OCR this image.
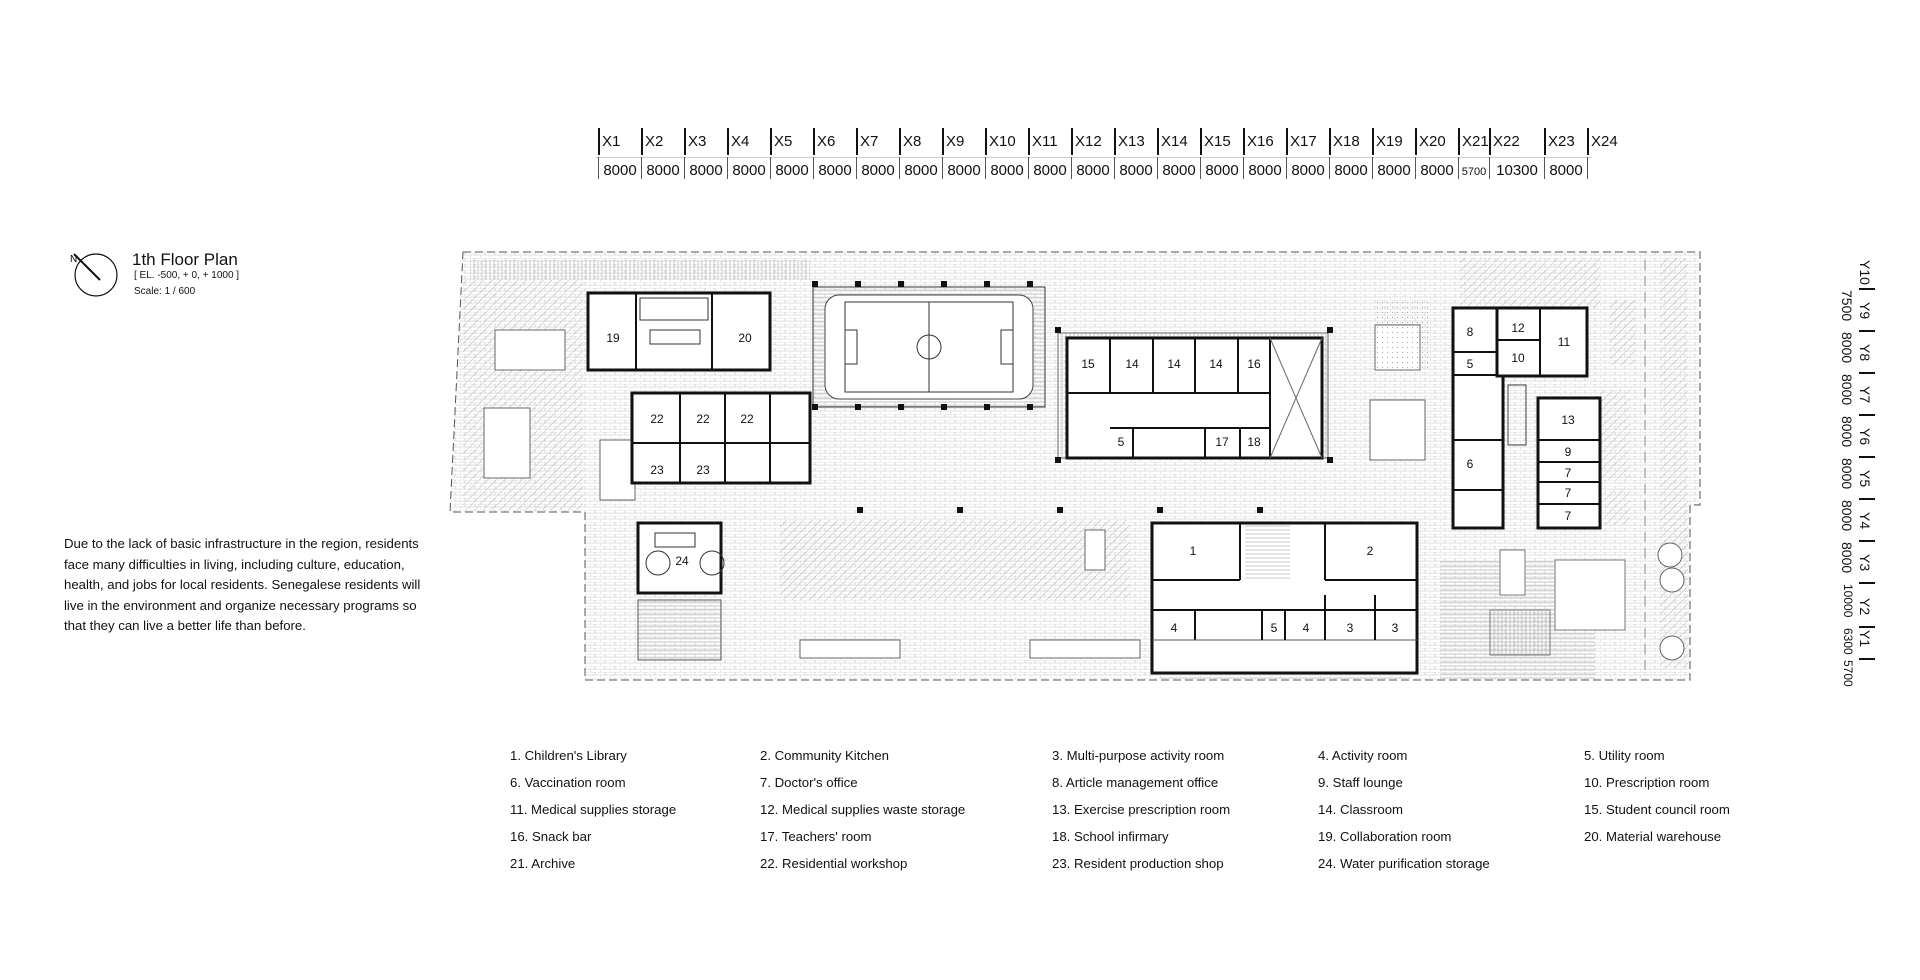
X1 X2 X3 X4 X5 X6 X7 X8 X9 X10 X11 X12 X13 X14 X15 X16 X17 X18 X19 X20 X21 X22 X23 X24
8000 8000 8000 8000 8000 8000 8000 8000 8000 8000 8000 8000 8000 8000 8000 8000 8000 8000 8000 8000 5700 10300 8000
Y10
Y9
Y8
Y7
Y6
Y5
Y4
Y3
Y2
Y1
7500
8000
8000
8000
8000
8000
8000
10000
6300
5700
N	1th Floor Plan
[ EL. -500, + 0, + 1000 ]
Scale: 1 / 600
Due to the lack of basic infrastructure in the region, residents face many difficulties in living, including culture, education, health, and jobs for local residents. Senegalese residents will live in the environment and organize necessary programs so that they can live a better life than before.
1	2
3	3
4	4
5
5
5
6
7
7
7
8
9
10
11
12
13
14 14 14
15	16
17 18
19	20
22	22	22
23	23
24
1. Children's Library	2. Community Kitchen	3. Multi-purpose activity room	4. Activity room	5. Utility room
6. Vaccination room	7. Doctor's office	8. Article management office	9. Staff lounge	10. Prescription room
11. Medical supplies storage	12. Medical supplies waste storage	13. Exercise prescription room	14. Classroom	15. Student council room
16. Snack bar	17. Teachers' room	18. School infirmary	19. Collaboration room	20. Material warehouse
21. Archive	22. Residential workshop	23. Resident production shop	24. Water purification storage
